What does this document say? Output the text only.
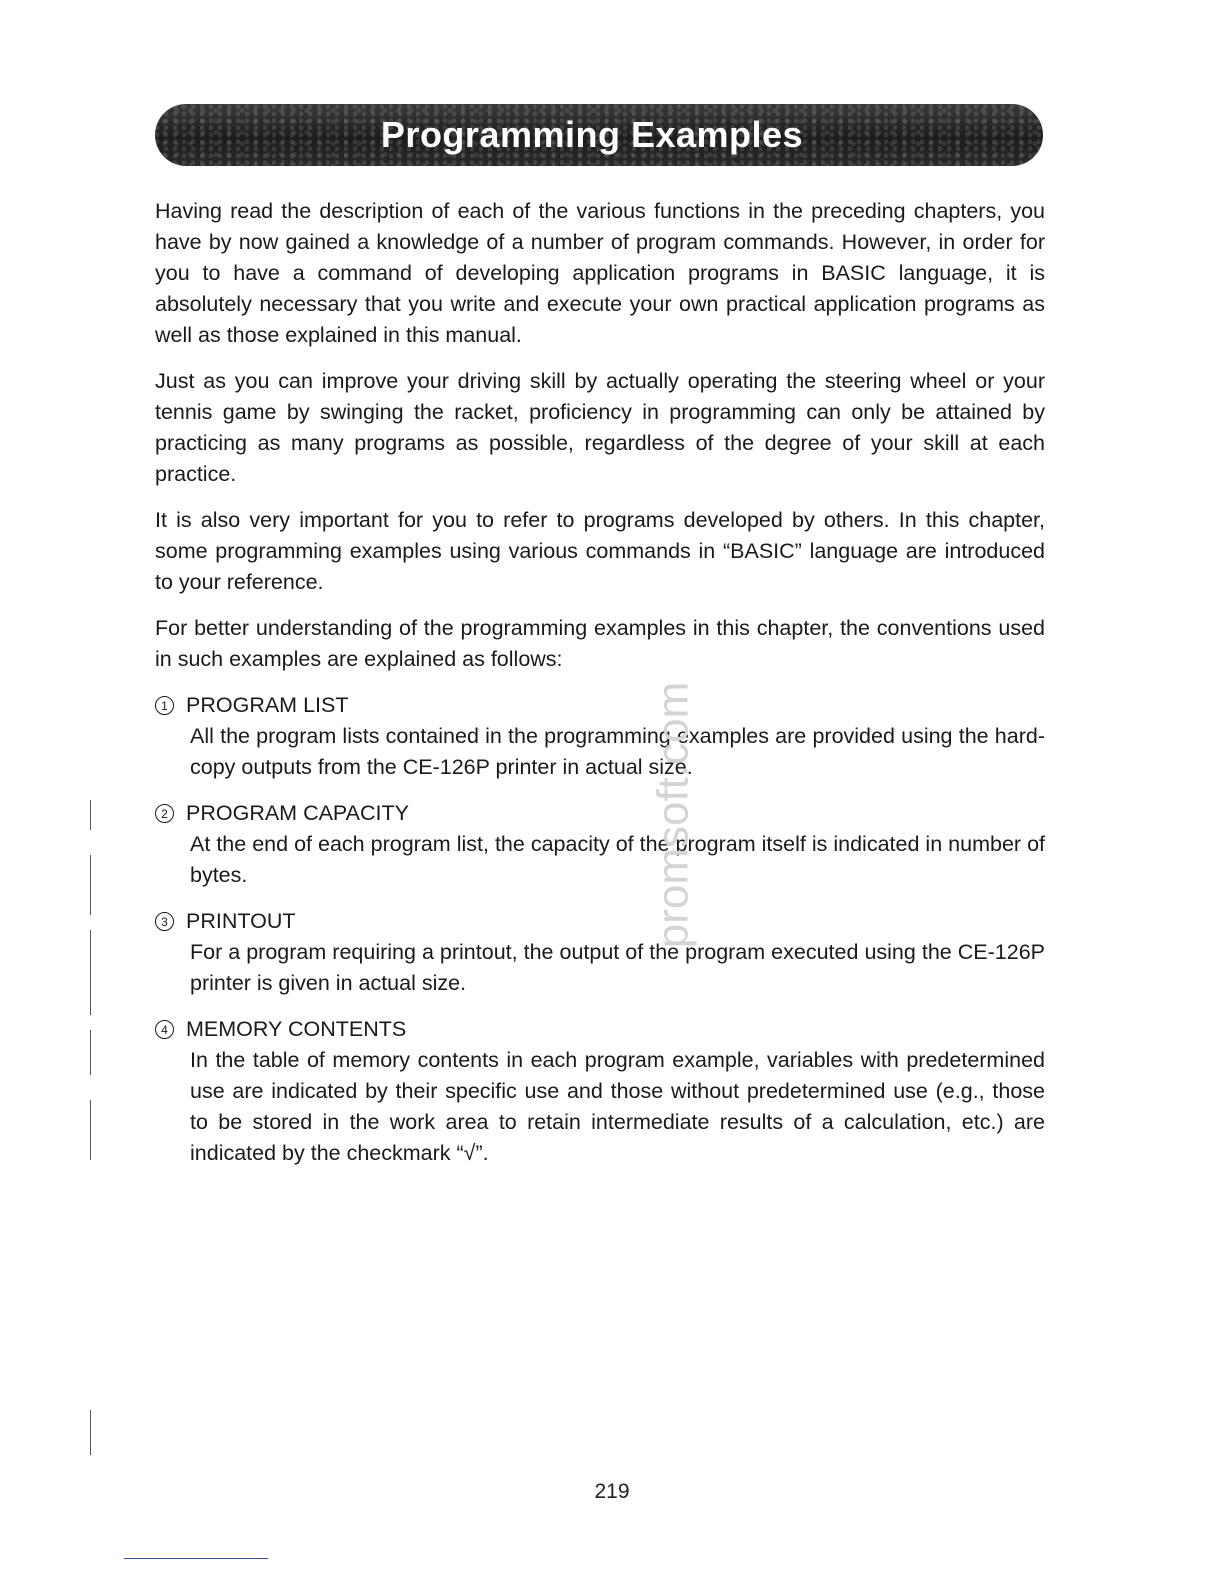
Programming Examples

Having read the description of each of the various functions in the preceding chapters, you have by now gained a knowledge of a number of program commands. However, in order for you to have a command of developing application programs in BASIC language, it is absolutely necessary that you write and execute your own practical application programs as well as those explained in this manual.

Just as you can improve your driving skill by actually operating the steering wheel or your tennis game by swinging the racket, proficiency in programming can only be attained by practicing as many programs as possible, regardless of the degree of your skill at each practice.

It is also very important for you to refer to programs developed by others. In this chapter, some programming examples using various commands in “BASIC” language are introduced to your reference.

For better understanding of the programming examples in this chapter, the conventions used in such examples are explained as follows:

1 PROGRAM LIST
All the program lists contained in the programming examples are provided using the hard-copy outputs from the CE-126P printer in actual size.
2 PROGRAM CAPACITY
At the end of each program list, the capacity of the program itself is indicated in number of bytes.
3 PRINTOUT
For a program requiring a printout, the output of the program executed using the CE-126P printer is given in actual size.
4 MEMORY CONTENTS
In the table of memory contents in each program example, variables with predetermined use are indicated by their specific use and those without predetermined use (e.g., those to be stored in the work area to retain intermediate results of a calculation, etc.) are indicated by the checkmark “√”.
promsoft.com
219
